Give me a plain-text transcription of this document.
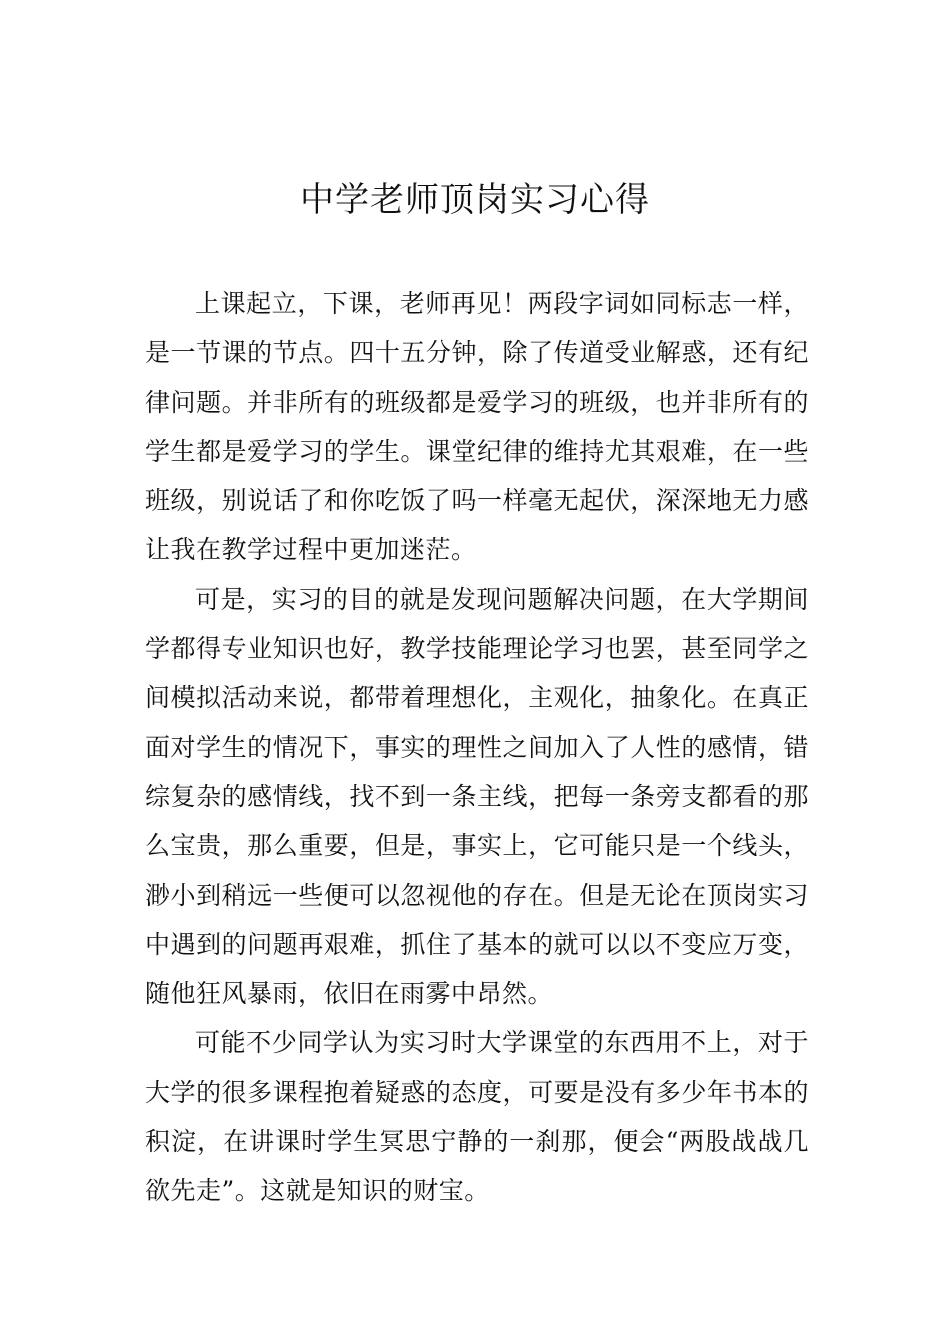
中学老师顶岗实习心得

上课起立，下课，老师再见！两段字词如同标志一样，是一节课的节点。四十五分钟，除了传道受业解惑，还有纪律问题。并非所有的班级都是爱学习的班级，也并非所有的学生都是爱学习的学生。课堂纪律的维持尤其艰难，在一些班级，别说话了和你吃饭了吗一样毫无起伏，深深地无力感让我在教学过程中更加迷茫。

可是，实习的目的就是发现问题解决问题，在大学期间学都得专业知识也好，教学技能理论学习也罢，甚至同学之间模拟活动来说，都带着理想化，主观化，抽象化。在真正面对学生的情况下，事实的理性之间加入了人性的感情，错综复杂的感情线，找不到一条主线，把每一条旁支都看的那么宝贵，那么重要，但是，事实上，它可能只是一个线头，渺小到稍远一些便可以忽视他的存在。但是无论在顶岗实习中遇到的问题再艰难，抓住了基本的就可以以不变应万变，随他狂风暴雨，依旧在雨雾中昂然。

可能不少同学认为实习时大学课堂的东西用不上，对于大学的很多课程抱着疑惑的态度，可要是没有多少年书本的积淀，在讲课时学生冥思宁静的一刹那，便会“两股战战几欲先走”。这就是知识的财宝。
